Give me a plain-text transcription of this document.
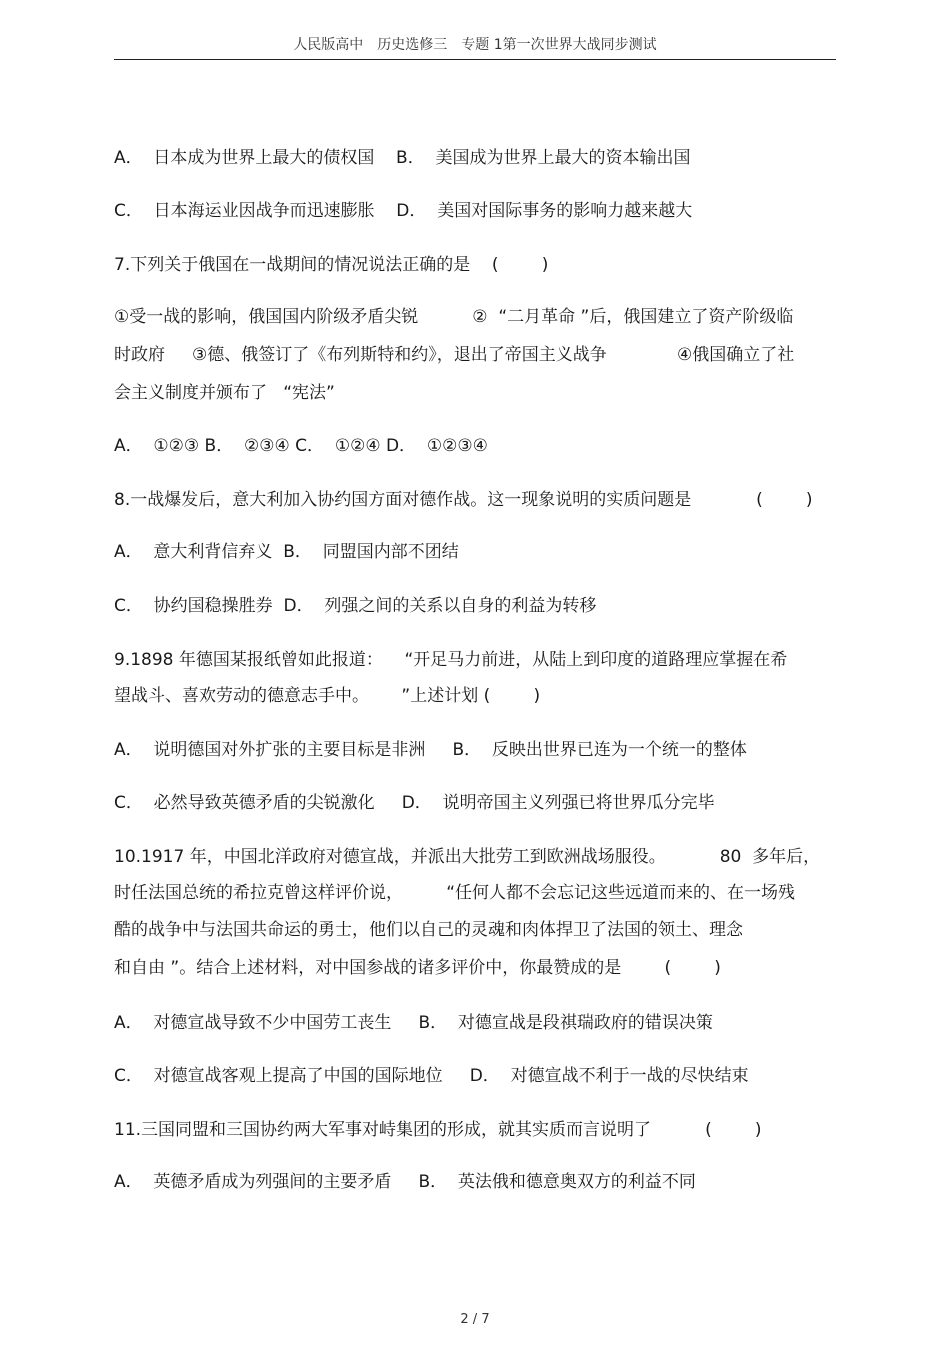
人民版高中　历史选修三　专题 1第一次世界大战同步测试
A．  日本成为世界上最大的债权国    B．  美国成为世界上最大的资本输出国
C．  日本海运业因战争而迅速膨胀    D．  美国对国际事务的影响力越来越大
7.下列关于俄国在一战期间的情况说法正确的是    (        )
①受一战的影响，俄国国内阶级矛盾尖锐          ②  “二月革命 ”后，俄国建立了资产阶级临
时政府     ③德、俄签订了《布列斯特和约》，退出了帝国主义战争             ④俄国确立了社
会主义制度并颁布了   “宪法”
A．  ①②③ B．  ②③④ C．  ①②④ D．  ①②③④
8.一战爆发后，意大利加入协约国方面对德作战。这一现象说明的实质问题是            (        )
A．  意大利背信弃义  B．  同盟国内部不团结
C．  协约国稳操胜券  D．  列强之间的关系以自身的利益为转移
9.1898 年德国某报纸曾如此报道：    “开足马力前进，从陆上到印度的道路理应掌握在希
望战斗、喜欢劳动的德意志手中。      ”上述计划 (        )
A．  说明德国对外扩张的主要目标是非洲     B．  反映出世界已连为一个统一的整体
C．  必然导致英德矛盾的尖锐激化     D．  说明帝国主义列强已将世界瓜分完毕
10.1917 年，中国北洋政府对德宣战，并派出大批劳工到欧洲战场服役。          80  多年后，
时任法国总统的希拉克曾这样评价说，        “任何人都不会忘记这些远道而来的、在一场残
酷的战争中与法国共命运的勇士，他们以自己的灵魂和肉体捍卫了法国的领土、理念
和自由 ”。结合上述材料，对中国参战的诸多评价中，你最赞成的是        (        )
A．  对德宣战导致不少中国劳工丧生     B．  对德宣战是段祺瑞政府的错误决策
C．  对德宣战客观上提高了中国的国际地位     D．  对德宣战不利于一战的尽快结束
11.三国同盟和三国协约两大军事对峙集团的形成，就其实质而言说明了          (        )
A．  英德矛盾成为列强间的主要矛盾     B．  英法俄和德意奥双方的利益不同
2 / 7
